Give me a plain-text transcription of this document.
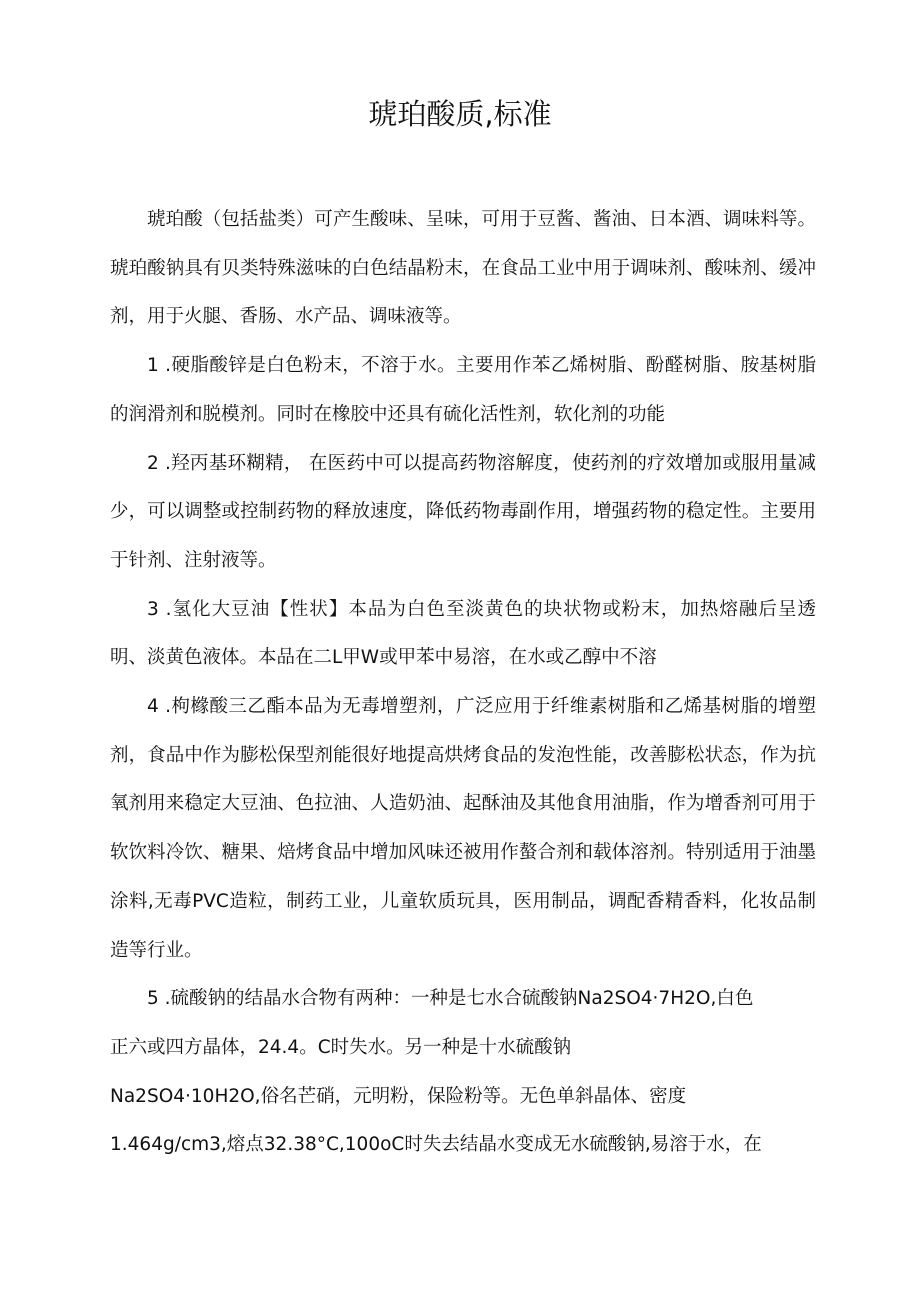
琥珀酸质,标准

琥珀酸（包括盐类）可产生酸味、呈味，可用于豆酱、酱油、日本酒、调味料等。琥珀酸钠具有贝类特殊滋味的白色结晶粉末，在食品工业中用于调味剂、酸味剂、缓冲剂，用于火腿、香肠、水产品、调味液等。

1 .硬脂酸锌是白色粉末，不溶于水。主要用作苯乙烯树脂、酚醛树脂、胺基树脂的润滑剂和脱模剂。同时在橡胶中还具有硫化活性剂，软化剂的功能

2 .羟丙基环糊精， 在医药中可以提高药物溶解度，使药剂的疗效增加或服用量减少，可以调整或控制药物的释放速度，降低药物毒副作用，增强药物的稳定性。主要用于针剂、注射液等。

3 .氢化大豆油【性状】本品为白色至淡黄色的块状物或粉末，加热熔融后呈透明、淡黄色液体。本品在二L甲W或甲苯中易溶，在水或乙醇中不溶

4 .枸橼酸三乙酯本品为无毒增塑剂，广泛应用于纤维素树脂和乙烯基树脂的增塑剂，食品中作为膨松保型剂能很好地提高烘烤食品的发泡性能，改善膨松状态，作为抗氧剂用来稳定大豆油、色拉油、人造奶油、起酥油及其他食用油脂，作为增香剂可用于软饮料冷饮、糖果、焙烤食品中增加风味还被用作螯合剂和载体溶剂。特别适用于油墨涂料,无毒PVC造粒，制药工业，儿童软质玩具，医用制品，调配香精香料，化妆品制造等行业。

5 .硫酸钠的结晶水合物有两种：一种是七水合硫酸钠Na2SO4·7H2O,白色

正六或四方晶体，24.4。C时失水。另一种是十水硫酸钠

Na2SO4·10H2O,俗名芒硝，元明粉，保险粉等。无色单斜晶体、密度

1.464g∕cm3,熔点32.38°C,100oC时失去结晶水变成无水硫酸钠,易溶于水，在
